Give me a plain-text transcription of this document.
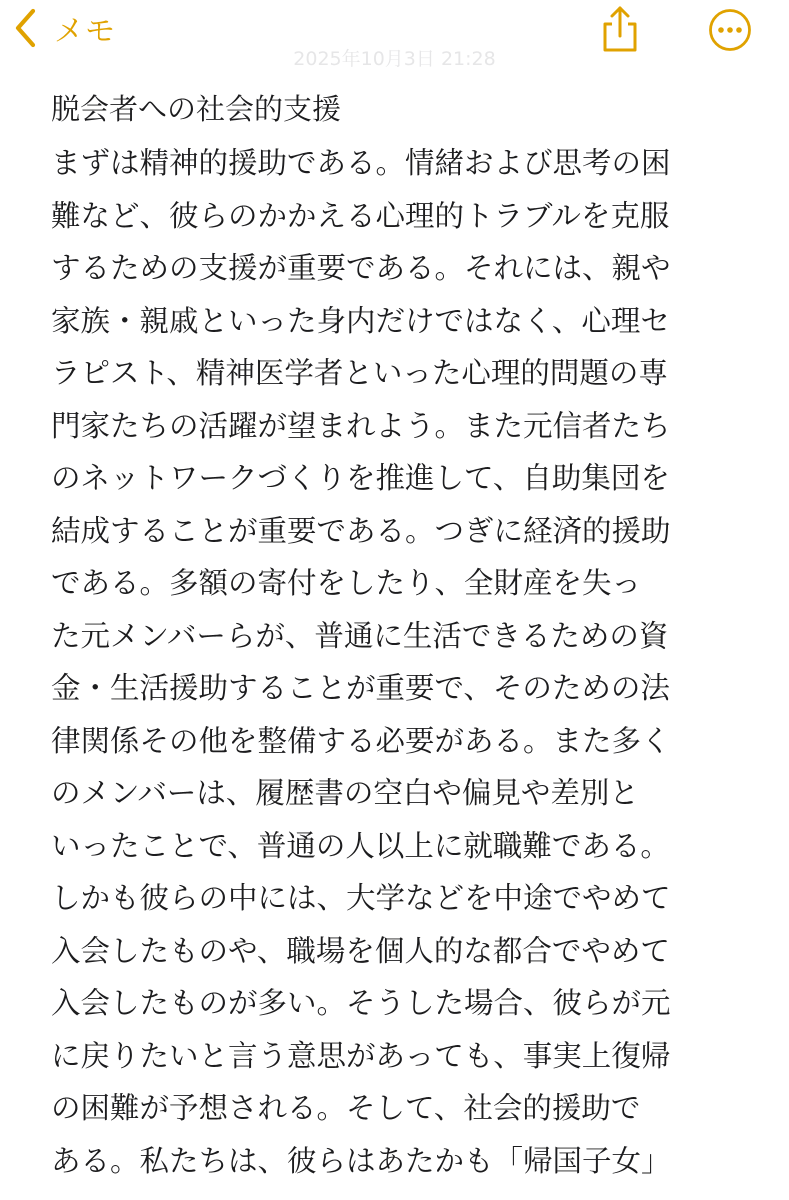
メモ
2025年10月3日 21:28
脱会者への社会的支援
まずは精神的援助である。情緒および思考の困
難など、彼らのかかえる心理的トラブルを克服
するための支援が重要である。それには、親や
家族・親戚といった身内だけではなく、心理セ
ラピスト、精神医学者といった心理的問題の専
門家たちの活躍が望まれよう。また元信者たち
のネットワークづくりを推進して、自助集団を
結成することが重要である。つぎに経済的援助
である。多額の寄付をしたり、全財産を失っ
た元メンバーらが、普通に生活できるための資
金・生活援助することが重要で、そのための法
律関係その他を整備する必要がある。また多く
のメンバーは、履歴書の空白や偏見や差別と
いったことで、普通の人以上に就職難である。
しかも彼らの中には、大学などを中途でやめて
入会したものや、職場を個人的な都合でやめて
入会したものが多い。そうした場合、彼らが元
に戻りたいと言う意思があっても、事実上復帰
の困難が予想される。そして、社会的援助で
ある。私たちは、彼らはあたかも「帰国子女」
